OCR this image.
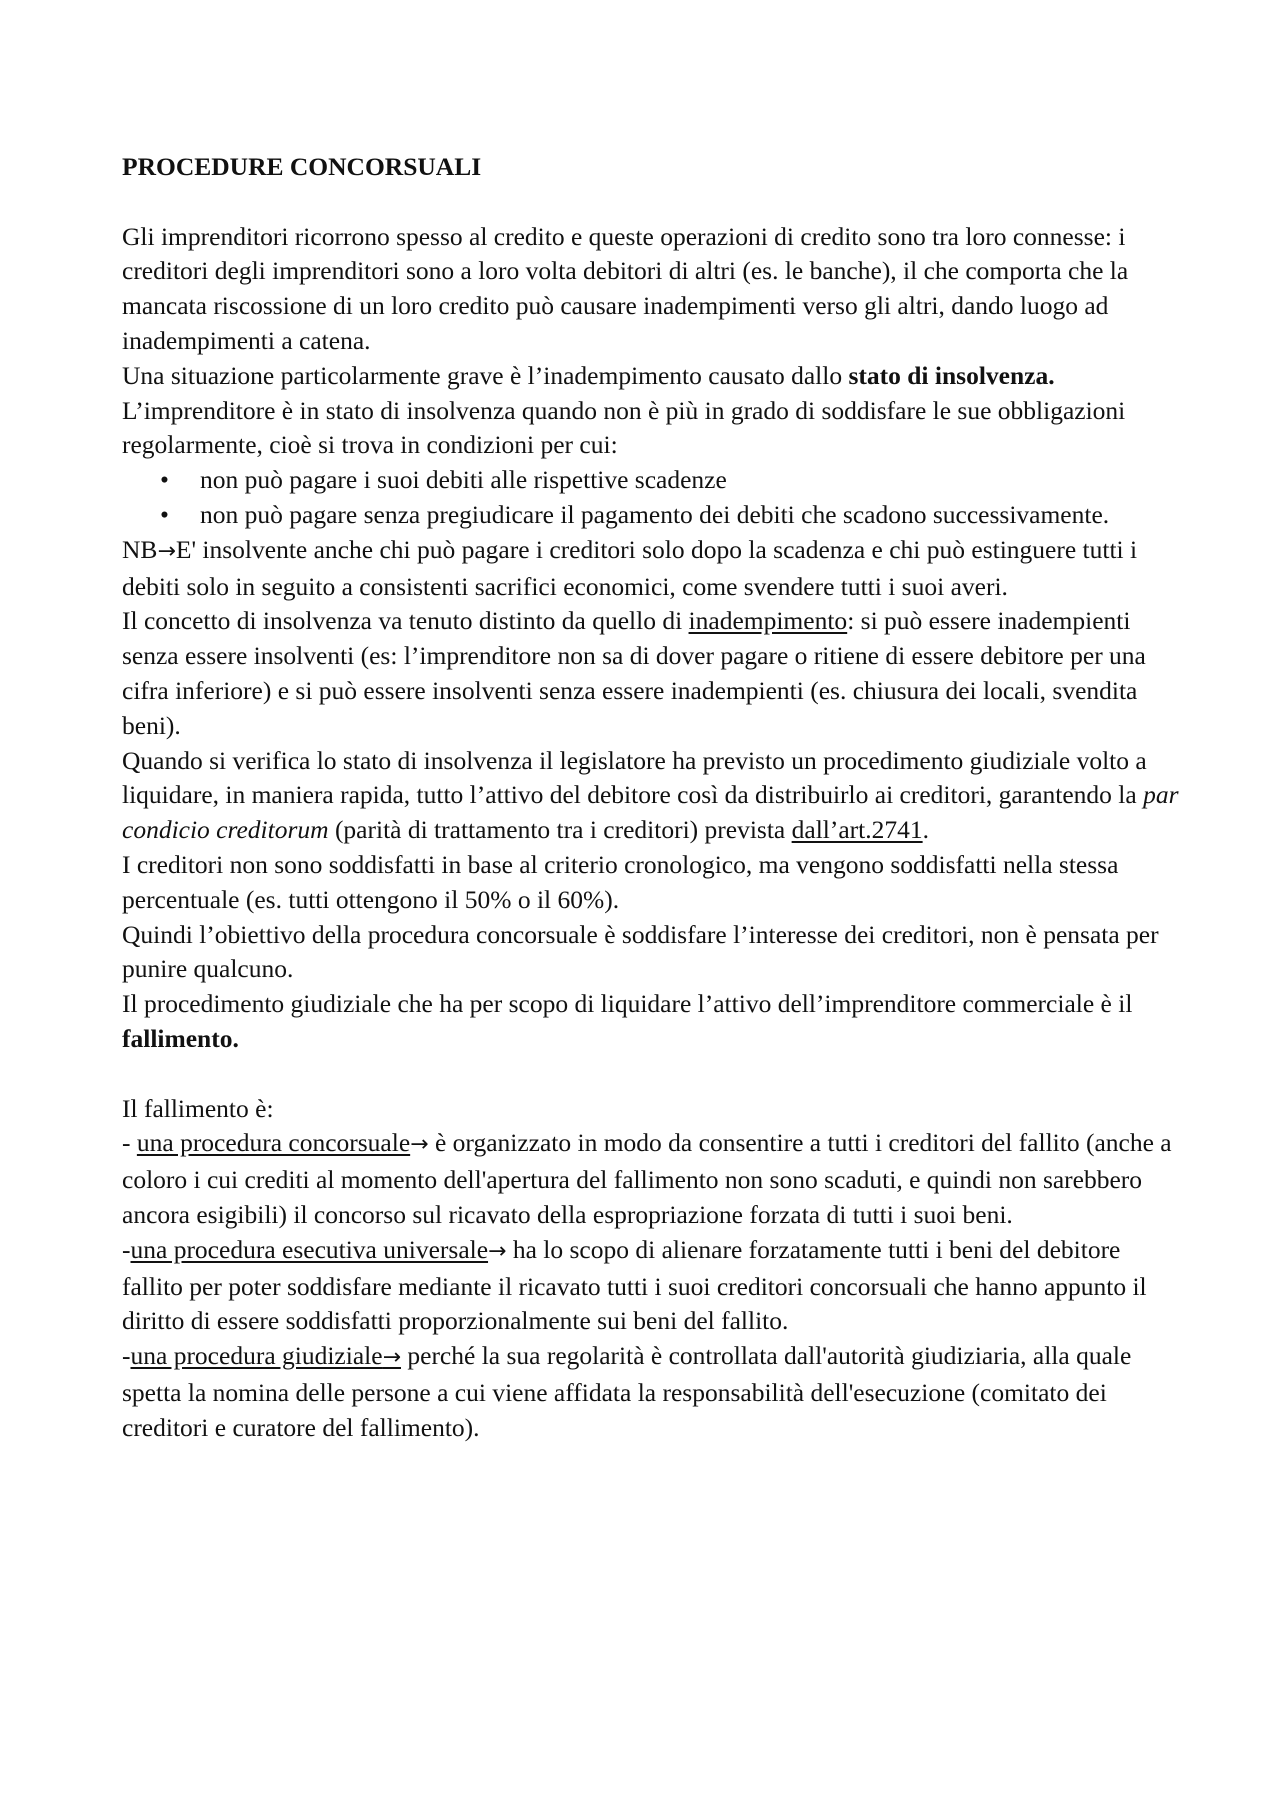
PROCEDURE CONCORSUALI

Gli imprenditori ricorrono spesso al credito e queste operazioni di credito sono tra loro connesse: i creditori degli imprenditori sono a loro volta debitori di altri (es. le banche), il che comporta che la mancata riscossione di un loro credito può causare inadempimenti verso gli altri, dando luogo ad inadempimenti a catena.

Una situazione particolarmente grave è l’inadempimento causato dallo stato di insolvenza.

L’imprenditore è in stato di insolvenza quando non è più in grado di soddisfare le sue obbligazioni regolarmente, cioè si trova in condizioni per cui:

• non può pagare i suoi debiti alle rispettive scadenze
• non può pagare senza pregiudicare il pagamento dei debiti che scadono successivamente.

NB→E' insolvente anche chi può pagare i creditori solo dopo la scadenza e chi può estinguere tutti i debiti solo in seguito a consistenti sacrifici economici, come svendere tutti i suoi averi.

Il concetto di insolvenza va tenuto distinto da quello di inadempimento: si può essere inadempienti senza essere insolventi (es: l’imprenditore non sa di dover pagare o ritiene di essere debitore per una cifra inferiore) e si può essere insolventi senza essere inadempienti (es. chiusura dei locali, svendita beni).

Quando si verifica lo stato di insolvenza il legislatore ha previsto un procedimento giudiziale volto a liquidare, in maniera rapida, tutto l’attivo del debitore così da distribuirlo ai creditori, garantendo la par condicio creditorum (parità di trattamento tra i creditori) prevista dall’art.2741.

I creditori non sono soddisfatti in base al criterio cronologico, ma vengono soddisfatti nella stessa percentuale (es. tutti ottengono il 50% o il 60%).

Quindi l’obiettivo della procedura concorsuale è soddisfare l’interesse dei creditori, non è pensata per punire qualcuno.

Il procedimento giudiziale che ha per scopo di liquidare l’attivo dell’imprenditore commerciale è il fallimento.

Il fallimento è:

- una procedura concorsuale→ è organizzato in modo da consentire a tutti i creditori del fallito (anche a coloro i cui crediti al momento dell'apertura del fallimento non sono scaduti, e quindi non sarebbero ancora esigibili) il concorso sul ricavato della espropriazione forzata di tutti i suoi beni.

-una procedura esecutiva universale→ ha lo scopo di alienare forzatamente tutti i beni del debitore fallito per poter soddisfare mediante il ricavato tutti i suoi creditori concorsuali che hanno appunto il diritto di essere soddisfatti proporzionalmente sui beni del fallito.

-una procedura giudiziale→ perché la sua regolarità è controllata dall'autorità giudiziaria, alla quale spetta la nomina delle persone a cui viene affidata la responsabilità dell'esecuzione (comitato dei creditori e curatore del fallimento).
